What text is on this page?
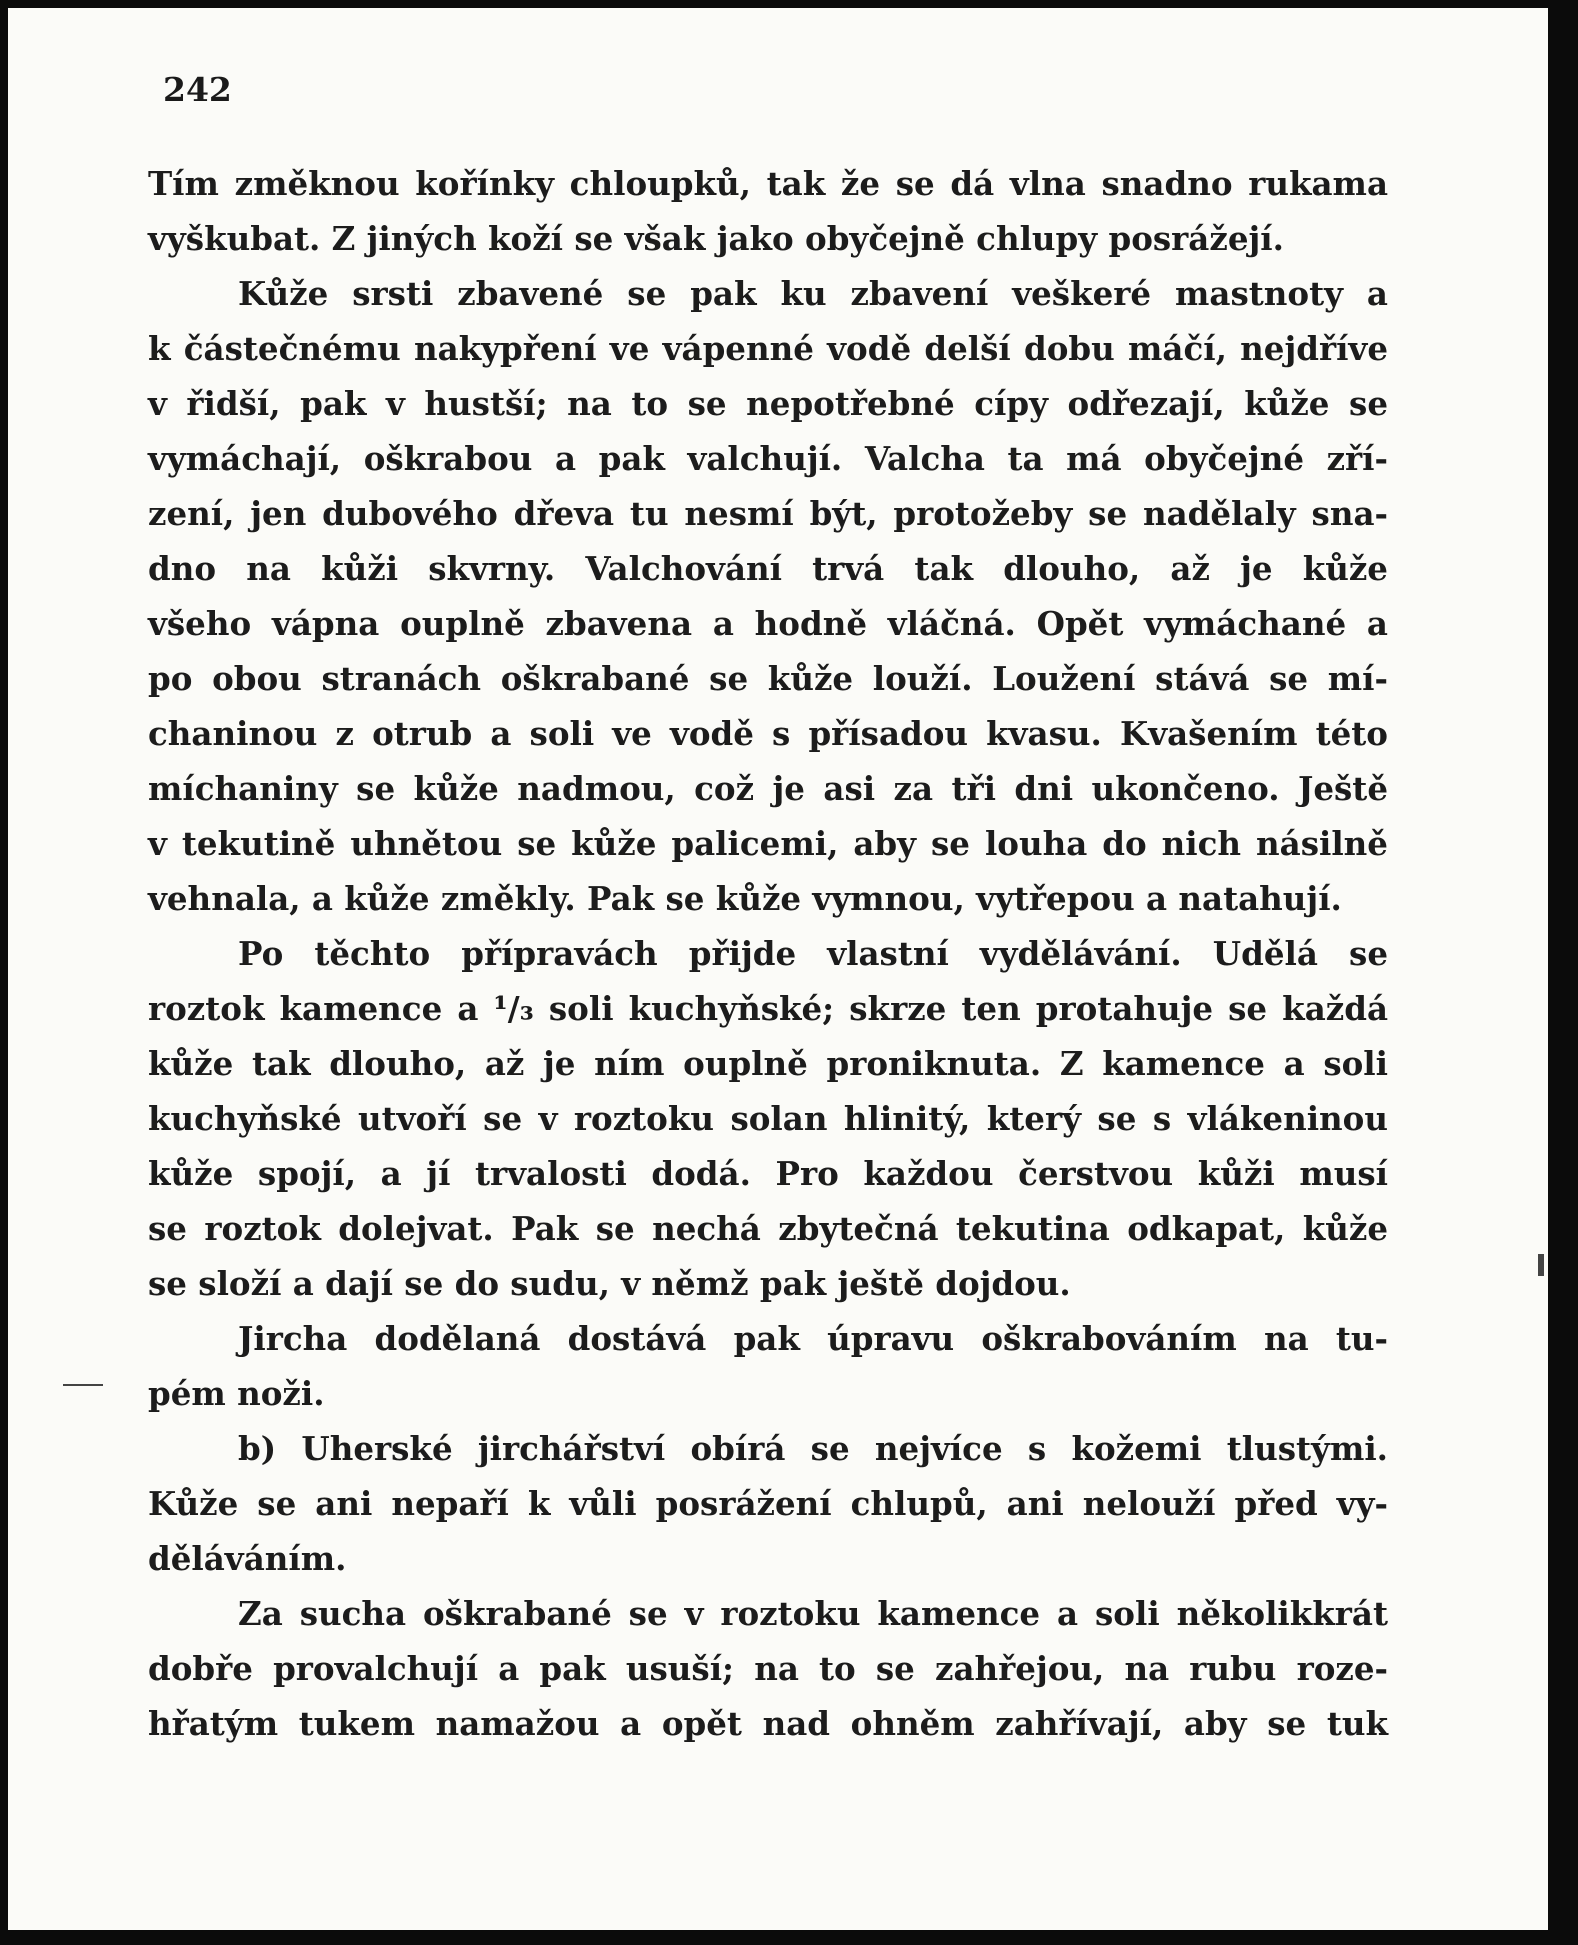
242
Tím změknou kořínky chloupků, tak že se dá vlna snadno rukama
vyškubat. Z jiných koží se však jako obyčejně chlupy posrážejí.
Kůže srsti zbavené se pak ku zbavení veškeré mastnoty a
k částečnému nakypření ve vápenné vodě delší dobu máčí, nejdříve
v řidší, pak v hustší; na to se nepotřebné cípy odřezají, kůže se
vymáchají, oškrabou a pak valchují. Valcha ta má obyčejné zří-
zení, jen dubového dřeva tu nesmí být, protožeby se nadělaly sna-
dno na kůži skvrny. Valchování trvá tak dlouho, až je kůže
všeho vápna ouplně zbavena a hodně vláčná. Opět vymáchané a
po obou stranách oškrabané se kůže louží. Loužení stává se mí-
chaninou z otrub a soli ve vodě s přísadou kvasu. Kvašením této
míchaniny se kůže nadmou, což je asi za tři dni ukončeno. Ještě
v tekutině uhnětou se kůže palicemi, aby se louha do nich násilně
vehnala, a kůže změkly. Pak se kůže vymnou, vytřepou a natahují.
Po těchto přípravách přijde vlastní vydělávání. Udělá se
roztok kamence a ¹/₃ soli kuchyňské; skrze ten protahuje se každá
kůže tak dlouho, až je ním ouplně proniknuta. Z kamence a soli
kuchyňské utvoří se v roztoku solan hlinitý, který se s vlákeninou
kůže spojí, a jí trvalosti dodá. Pro každou čerstvou kůži musí
se roztok dolejvat. Pak se nechá zbytečná tekutina odkapat, kůže
se složí a dají se do sudu, v němž pak ještě dojdou.
Jircha dodělaná dostává pak úpravu oškrabováním na tu-
pém noži.
b) Uherské jirchářství obírá se nejvíce s kožemi tlustými.
Kůže se ani nepaří k vůli posrážení chlupů, ani nelouží před vy-
děláváním.
Za sucha oškrabané se v roztoku kamence a soli několikkrát
dobře provalchují a pak usuší; na to se zahřejou, na rubu roze-
hřatým tukem namažou a opět nad ohněm zahřívají, aby se tuk
